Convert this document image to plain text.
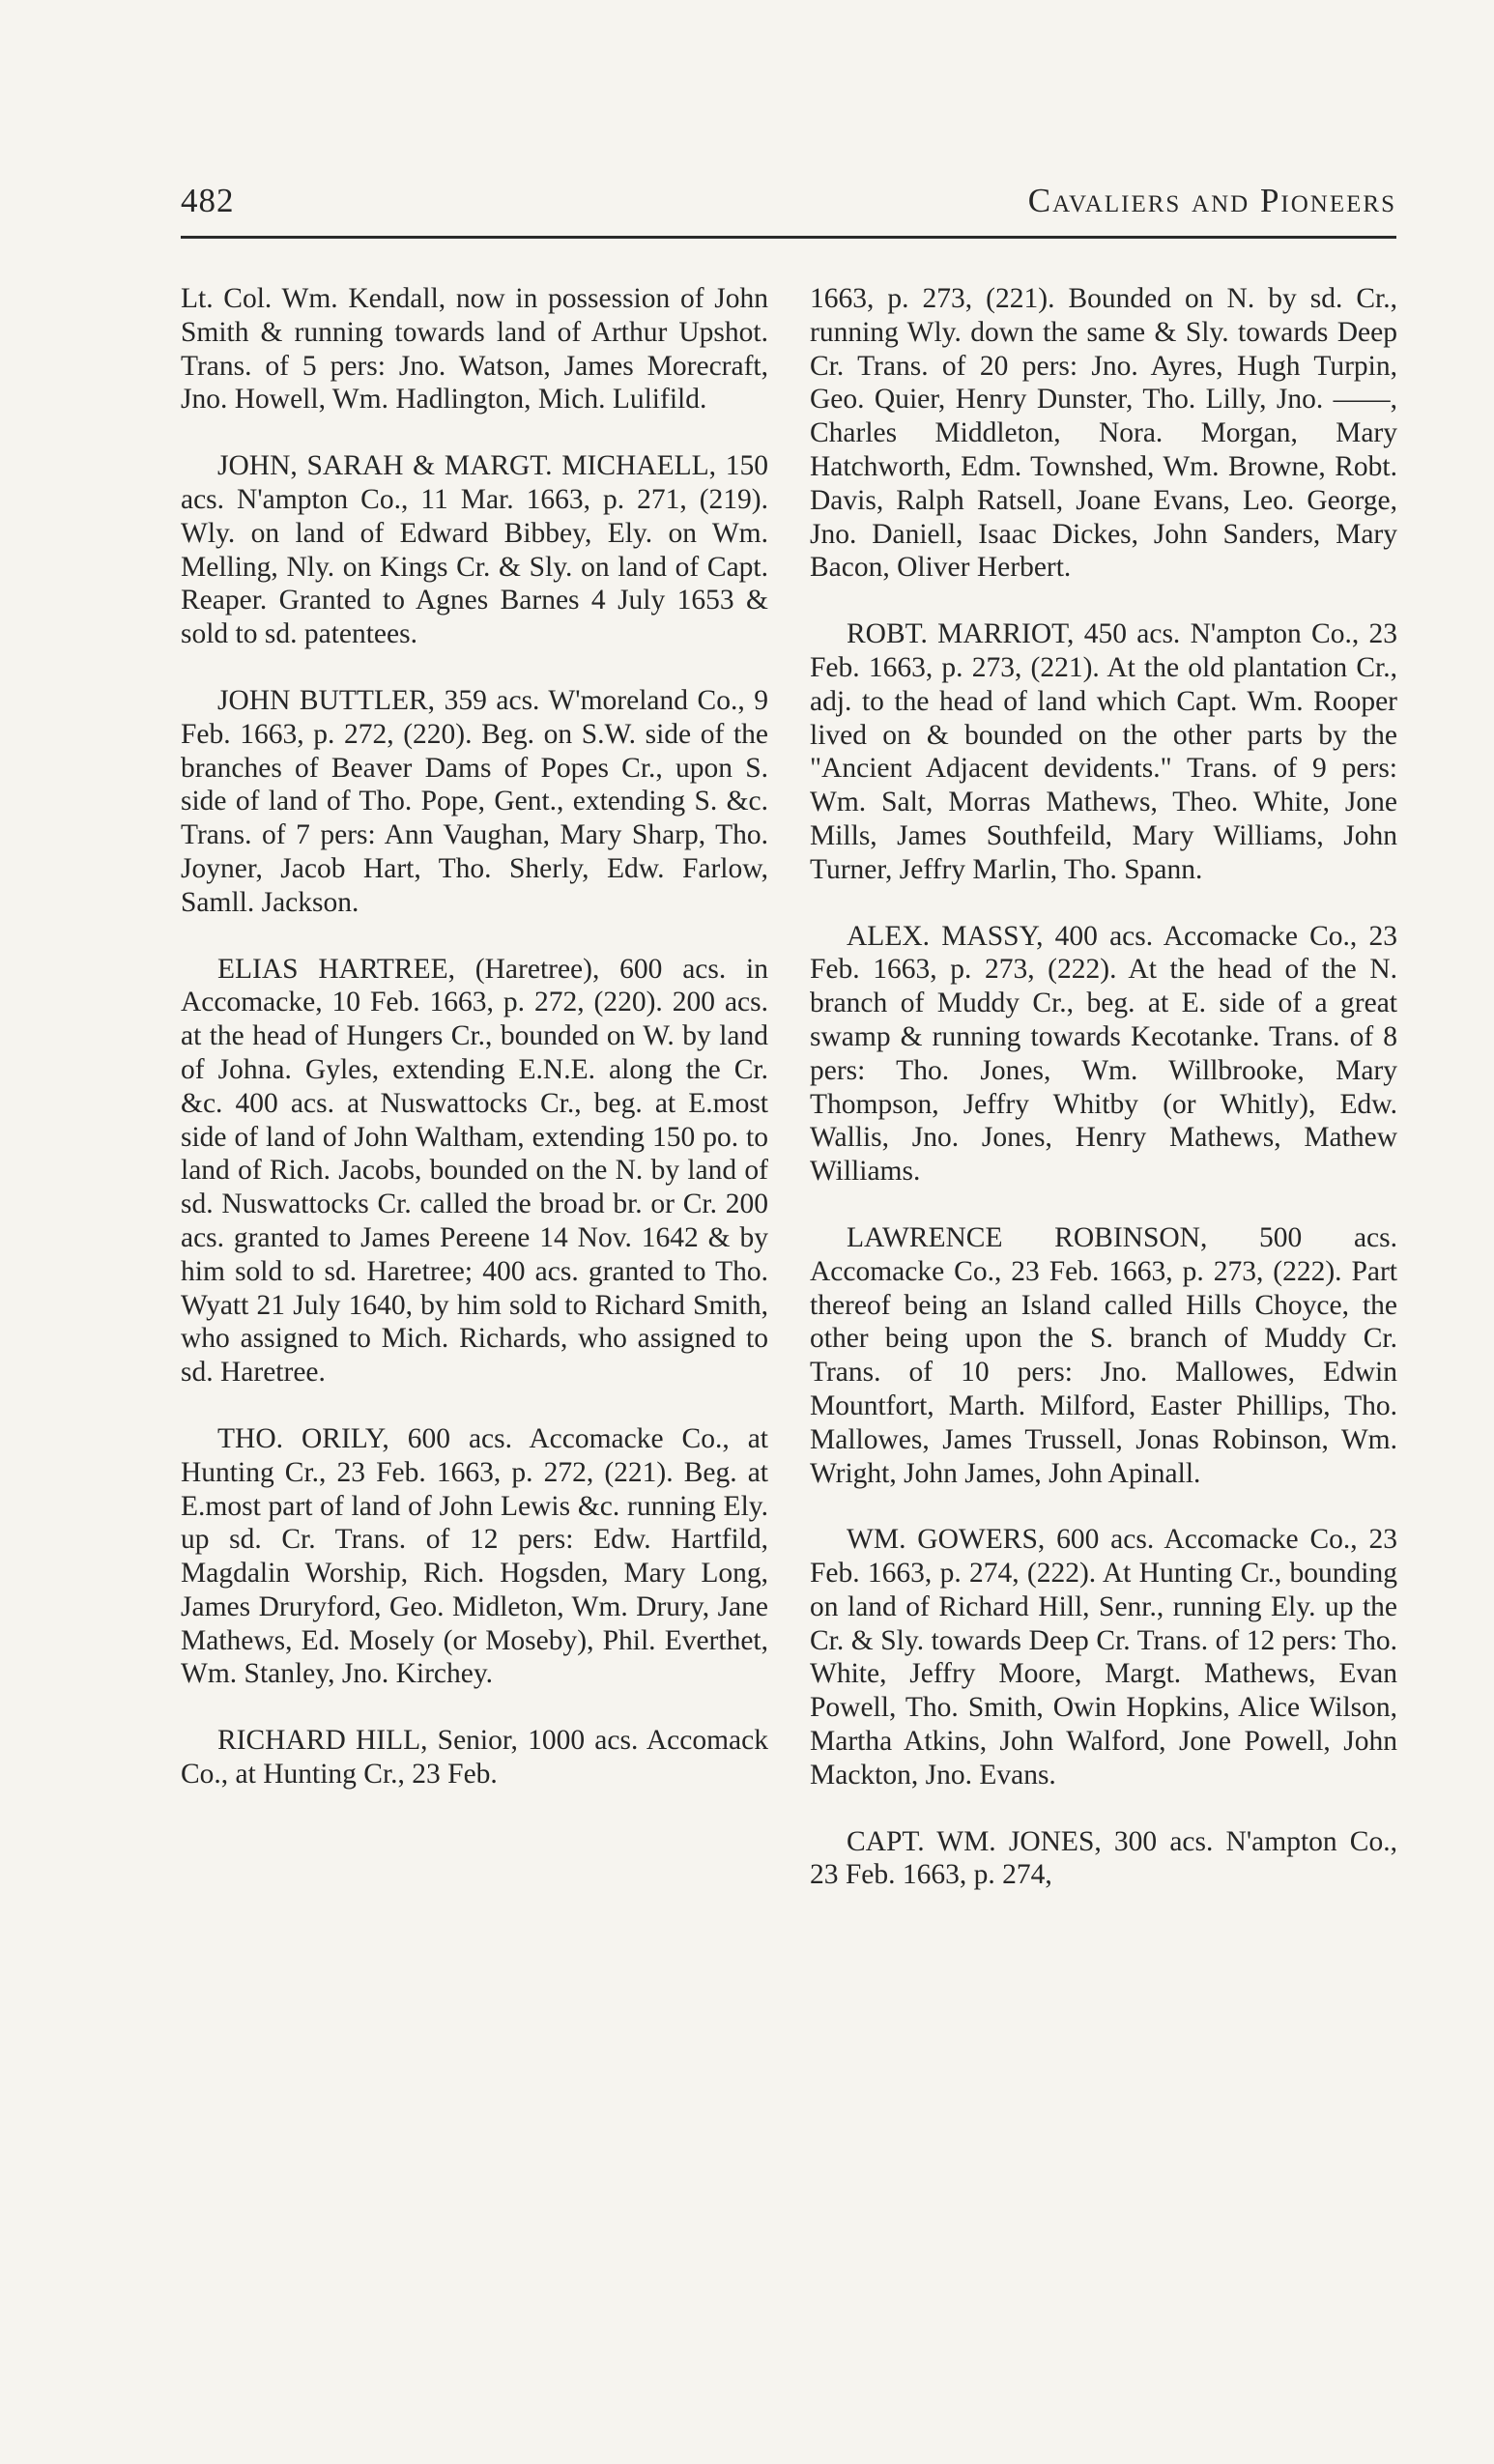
482	Cavaliers and Pioneers

Lt. Col. Wm. Kendall, now in possession of John Smith & running towards land of Arthur Upshot. Trans. of 5 pers: Jno. Watson, James Morecraft, Jno. Howell, Wm. Hadlington, Mich. Lulifild.

JOHN, SARAH & MARGT. MICHAELL, 150 acs. N'ampton Co., 11 Mar. 1663, p. 271, (219). Wly. on land of Edward Bibbey, Ely. on Wm. Melling, Nly. on Kings Cr. & Sly. on land of Capt. Reaper. Granted to Agnes Barnes 4 July 1653 & sold to sd. patentees.

JOHN BUTTLER, 359 acs. W'moreland Co., 9 Feb. 1663, p. 272, (220). Beg. on S.W. side of the branches of Beaver Dams of Popes Cr., upon S. side of land of Tho. Pope, Gent., extending S. &c. Trans. of 7 pers: Ann Vaughan, Mary Sharp, Tho. Joyner, Jacob Hart, Tho. Sherly, Edw. Farlow, Samll. Jackson.

ELIAS HARTREE, (Haretree), 600 acs. in Accomacke, 10 Feb. 1663, p. 272, (220). 200 acs. at the head of Hungers Cr., bounded on W. by land of Johna. Gyles, extending E.N.E. along the Cr. &c. 400 acs. at Nuswattocks Cr., beg. at E.most side of land of John Waltham, extending 150 po. to land of Rich. Jacobs, bounded on the N. by land of sd. Nuswattocks Cr. called the broad br. or Cr. 200 acs. granted to James Pereene 14 Nov. 1642 & by him sold to sd. Haretree; 400 acs. granted to Tho. Wyatt 21 July 1640, by him sold to Richard Smith, who assigned to Mich. Richards, who assigned to sd. Haretree.

THO. ORILY, 600 acs. Accomacke Co., at Hunting Cr., 23 Feb. 1663, p. 272, (221). Beg. at E.most part of land of John Lewis &c. running Ely. up sd. Cr. Trans. of 12 pers: Edw. Hartfild, Magdalin Worship, Rich. Hogsden, Mary Long, James Druryford, Geo. Midleton, Wm. Drury, Jane Mathews, Ed. Mosely (or Moseby), Phil. Everthet, Wm. Stanley, Jno. Kirchey.

RICHARD HILL, Senior, 1000 acs. Accomack Co., at Hunting Cr., 23 Feb.

1663, p. 273, (221). Bounded on N. by sd. Cr., running Wly. down the same & Sly. towards Deep Cr. Trans. of 20 pers: Jno. Ayres, Hugh Turpin, Geo. Quier, Henry Dunster, Tho. Lilly, Jno. ——, Charles Middleton, Nora. Morgan, Mary Hatchworth, Edm. Townshed, Wm. Browne, Robt. Davis, Ralph Ratsell, Joane Evans, Leo. George, Jno. Daniell, Isaac Dickes, John Sanders, Mary Bacon, Oliver Herbert.

ROBT. MARRIOT, 450 acs. N'ampton Co., 23 Feb. 1663, p. 273, (221). At the old plantation Cr., adj. to the head of land which Capt. Wm. Rooper lived on & bounded on the other parts by the "Ancient Adjacent devidents." Trans. of 9 pers: Wm. Salt, Morras Mathews, Theo. White, Jone Mills, James Southfeild, Mary Williams, John Turner, Jeffry Marlin, Tho. Spann.

ALEX. MASSY, 400 acs. Accomacke Co., 23 Feb. 1663, p. 273, (222). At the head of the N. branch of Muddy Cr., beg. at E. side of a great swamp & running towards Kecotanke. Trans. of 8 pers: Tho. Jones, Wm. Willbrooke, Mary Thompson, Jeffry Whitby (or Whitly), Edw. Wallis, Jno. Jones, Henry Mathews, Mathew Williams.

LAWRENCE ROBINSON, 500 acs. Accomacke Co., 23 Feb. 1663, p. 273, (222). Part thereof being an Island called Hills Choyce, the other being upon the S. branch of Muddy Cr. Trans. of 10 pers: Jno. Mallowes, Edwin Mountfort, Marth. Milford, Easter Phillips, Tho. Mallowes, James Trussell, Jonas Robinson, Wm. Wright, John James, John Apinall.

WM. GOWERS, 600 acs. Accomacke Co., 23 Feb. 1663, p. 274, (222). At Hunting Cr., bounding on land of Richard Hill, Senr., running Ely. up the Cr. & Sly. towards Deep Cr. Trans. of 12 pers: Tho. White, Jeffry Moore, Margt. Mathews, Evan Powell, Tho. Smith, Owin Hopkins, Alice Wilson, Martha Atkins, John Walford, Jone Powell, John Mackton, Jno. Evans.

CAPT. WM. JONES, 300 acs. N'ampton Co., 23 Feb. 1663, p. 274,
